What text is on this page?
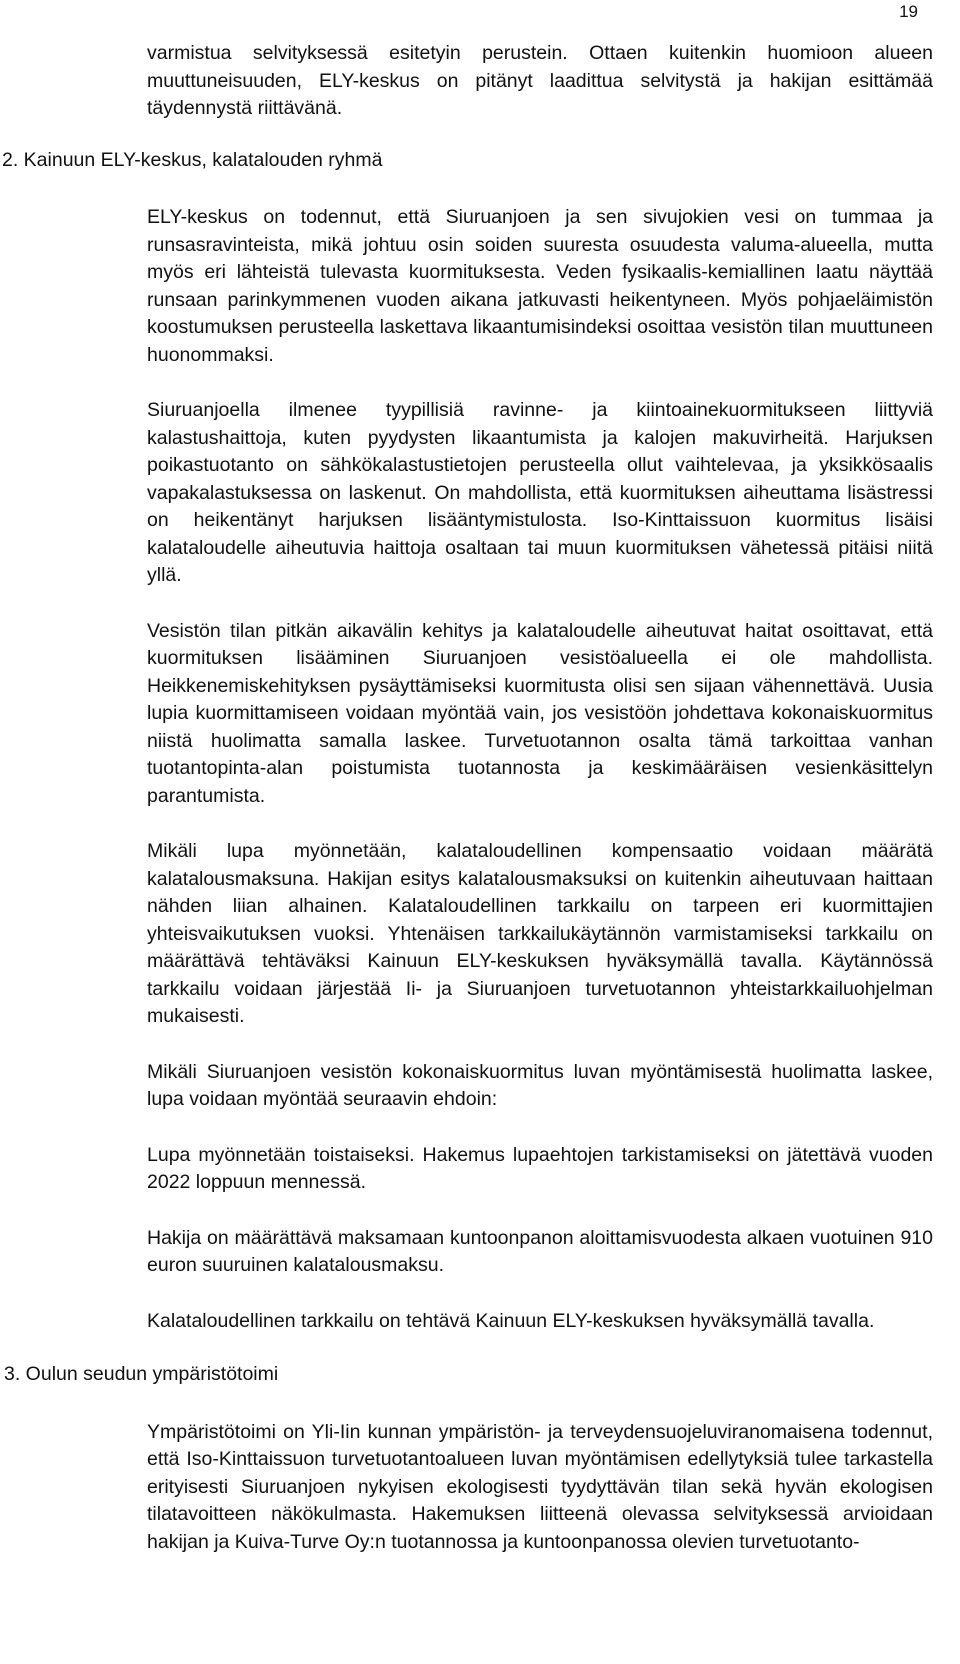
19

varmistua selvityksessä esitetyin perustein. Ottaen kuitenkin huomioon alueen muuttuneisuuden, ELY-keskus on pitänyt laadittua selvitystä ja hakijan esittämää täydennystä riittävänä.

2. Kainuun ELY-keskus, kalatalouden ryhmä

ELY-keskus on todennut, että Siuruanjoen ja sen sivujokien vesi on tummaa ja runsasravinteista, mikä johtuu osin soiden suuresta osuudesta valuma-alueella, mutta myös eri lähteistä tulevasta kuormituksesta. Veden fysikaalis-kemiallinen laatu näyttää runsaan parinkymmenen vuoden aikana jatkuvasti heikentyneen. Myös pohjaeläimistön koostumuksen perusteella laskettava likaantumisindeksi osoittaa vesistön tilan muuttuneen huonommaksi.

Siuruanjoella ilmenee tyypillisiä ravinne- ja kiintoainekuormitukseen liittyviä kalastushaittoja, kuten pyydysten likaantumista ja kalojen makuvirheitä. Harjuksen poikastuotanto on sähkökalastustietojen perusteella ollut vaihtelevaa, ja yksikkösaalis vapakalastuksessa on laskenut. On mahdollista, että kuormituksen aiheuttama lisästressi on heikentänyt harjuksen lisääntymistulosta. Iso-Kinttaissuon kuormitus lisäisi kalataloudelle aiheutuvia haittoja osaltaan tai muun kuormituksen vähetessä pitäisi niitä yllä.

Vesistön tilan pitkän aikavälin kehitys ja kalataloudelle aiheutuvat haitat osoittavat, että kuormituksen lisääminen Siuruanjoen vesistöalueella ei ole mahdollista. Heikkenemiskehityksen pysäyttämiseksi kuormitusta olisi sen sijaan vähennettävä. Uusia lupia kuormittamiseen voidaan myöntää vain, jos vesistöön johdettava kokonaiskuormitus niistä huolimatta samalla laskee. Turvetuotannon osalta tämä tarkoittaa vanhan tuotantopinta-alan poistumista tuotannosta ja keskimääräisen vesienkäsittelyn parantumista.

Mikäli lupa myönnetään, kalataloudellinen kompensaatio voidaan määrätä kalatalousmaksuna. Hakijan esitys kalatalousmaksuksi on kuitenkin aiheutuvaan haittaan nähden liian alhainen. Kalataloudellinen tarkkailu on tarpeen eri kuormittajien yhteisvaikutuksen vuoksi. Yhtenäisen tarkkailukäytännön varmistamiseksi tarkkailu on määrättävä tehtäväksi Kainuun ELY-keskuksen hyväksymällä tavalla. Käytännössä tarkkailu voidaan järjestää Ii- ja Siuruanjoen turvetuotannon yhteistarkkailuohjelman mukaisesti.

Mikäli Siuruanjoen vesistön kokonaiskuormitus luvan myöntämisestä huolimatta laskee, lupa voidaan myöntää seuraavin ehdoin:

Lupa myönnetään toistaiseksi. Hakemus lupaehtojen tarkistamiseksi on jätettävä vuoden 2022 loppuun mennessä.

Hakija on määrättävä maksamaan kuntoonpanon aloittamisvuodesta alkaen vuotuinen 910 euron suuruinen kalatalousmaksu.

Kalataloudellinen tarkkailu on tehtävä Kainuun ELY-keskuksen hyväksymällä tavalla.

3. Oulun seudun ympäristötoimi

Ympäristötoimi on Yli-Iin kunnan ympäristön- ja terveydensuojeluviranomaisena todennut, että Iso-Kinttaissuon turvetuotantoalueen luvan myöntämisen edellytyksiä tulee tarkastella erityisesti Siuruanjoen nykyisen ekologisesti tyydyttävän tilan sekä hyvän ekologisen tilatavoitteen näkökulmasta. Hakemuksen liitteenä olevassa selvityksessä arvioidaan hakijan ja Kuiva-Turve Oy:n tuotannossa ja kuntoonpanossa olevien turvetuotanto-
